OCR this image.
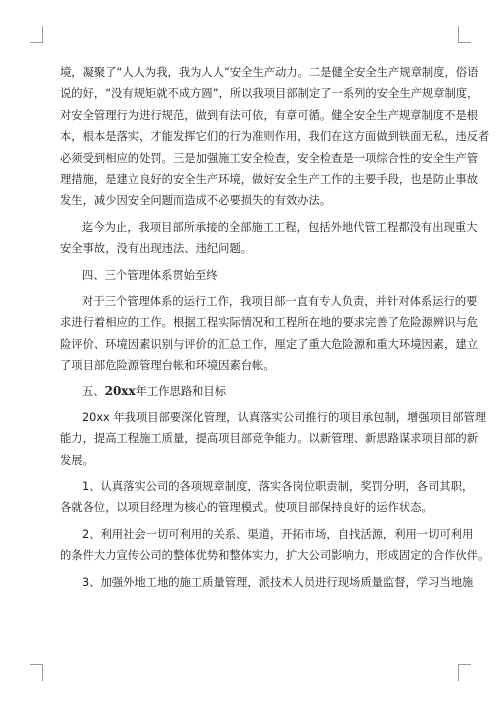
境，凝聚了“人人为我，我为人人”安全生产动力。二是健全安全生产规章制度，俗语
说的好，“没有规矩就不成方圆”，所以我项目部制定了一系列的安全生产规章制度，
对安全管理行为进行规范，做到有法可依，有章可循。健全安全生产规章制度不是根
本，根本是落实，才能发挥它们的行为准则作用，我们在这方面做到铁面无私，违反者
必须受到相应的处罚。三是加强施工安全检查，安全检查是一项综合性的安全生产管
理措施，是建立良好的安全生产环境，做好安全生产工作的主要手段，也是防止事故
发生，减少因安全问题而造成不必要损失的有效办法。
迄今为止，我项目部所承接的全部施工工程，包括外地代管工程都没有出现重大
安全事故，没有出现违法、违纪问题。
四、三个管理体系贯始至终
对于三个管理体系的运行工作，我项目部一直有专人负责，并针对体系运行的要
求进行着相应的工作。根据工程实际情况和工程所在地的要求完善了危险源辨识与危
险评价、环境因素识别与评价的汇总工作，厘定了重大危险源和重大环境因素，建立
了项目部危险源管理台帐和环境因素台帐。
五、20xx年工作思路和目标
20xx 年我项目部要深化管理，认真落实公司推行的项目承包制，增强项目部管理
能力，提高工程施工质量，提高项目部竞争能力。以新管理、新思路谋求项目部的新
发展。
1、认真落实公司的各项规章制度，落实各岗位职责制，奖罚分明，各司其职，
各就各位，以项目经理为核心的管理模式。使项目部保持良好的运作状态。
2、利用社会一切可利用的关系、渠道，开拓市场，自找活源，利用一切可利用
的条件大力宣传公司的整体优势和整体实力，扩大公司影响力，形成固定的合作伙伴。
3、加强外地工地的施工质量管理，派技术人员进行现场质量监督，学习当地施
